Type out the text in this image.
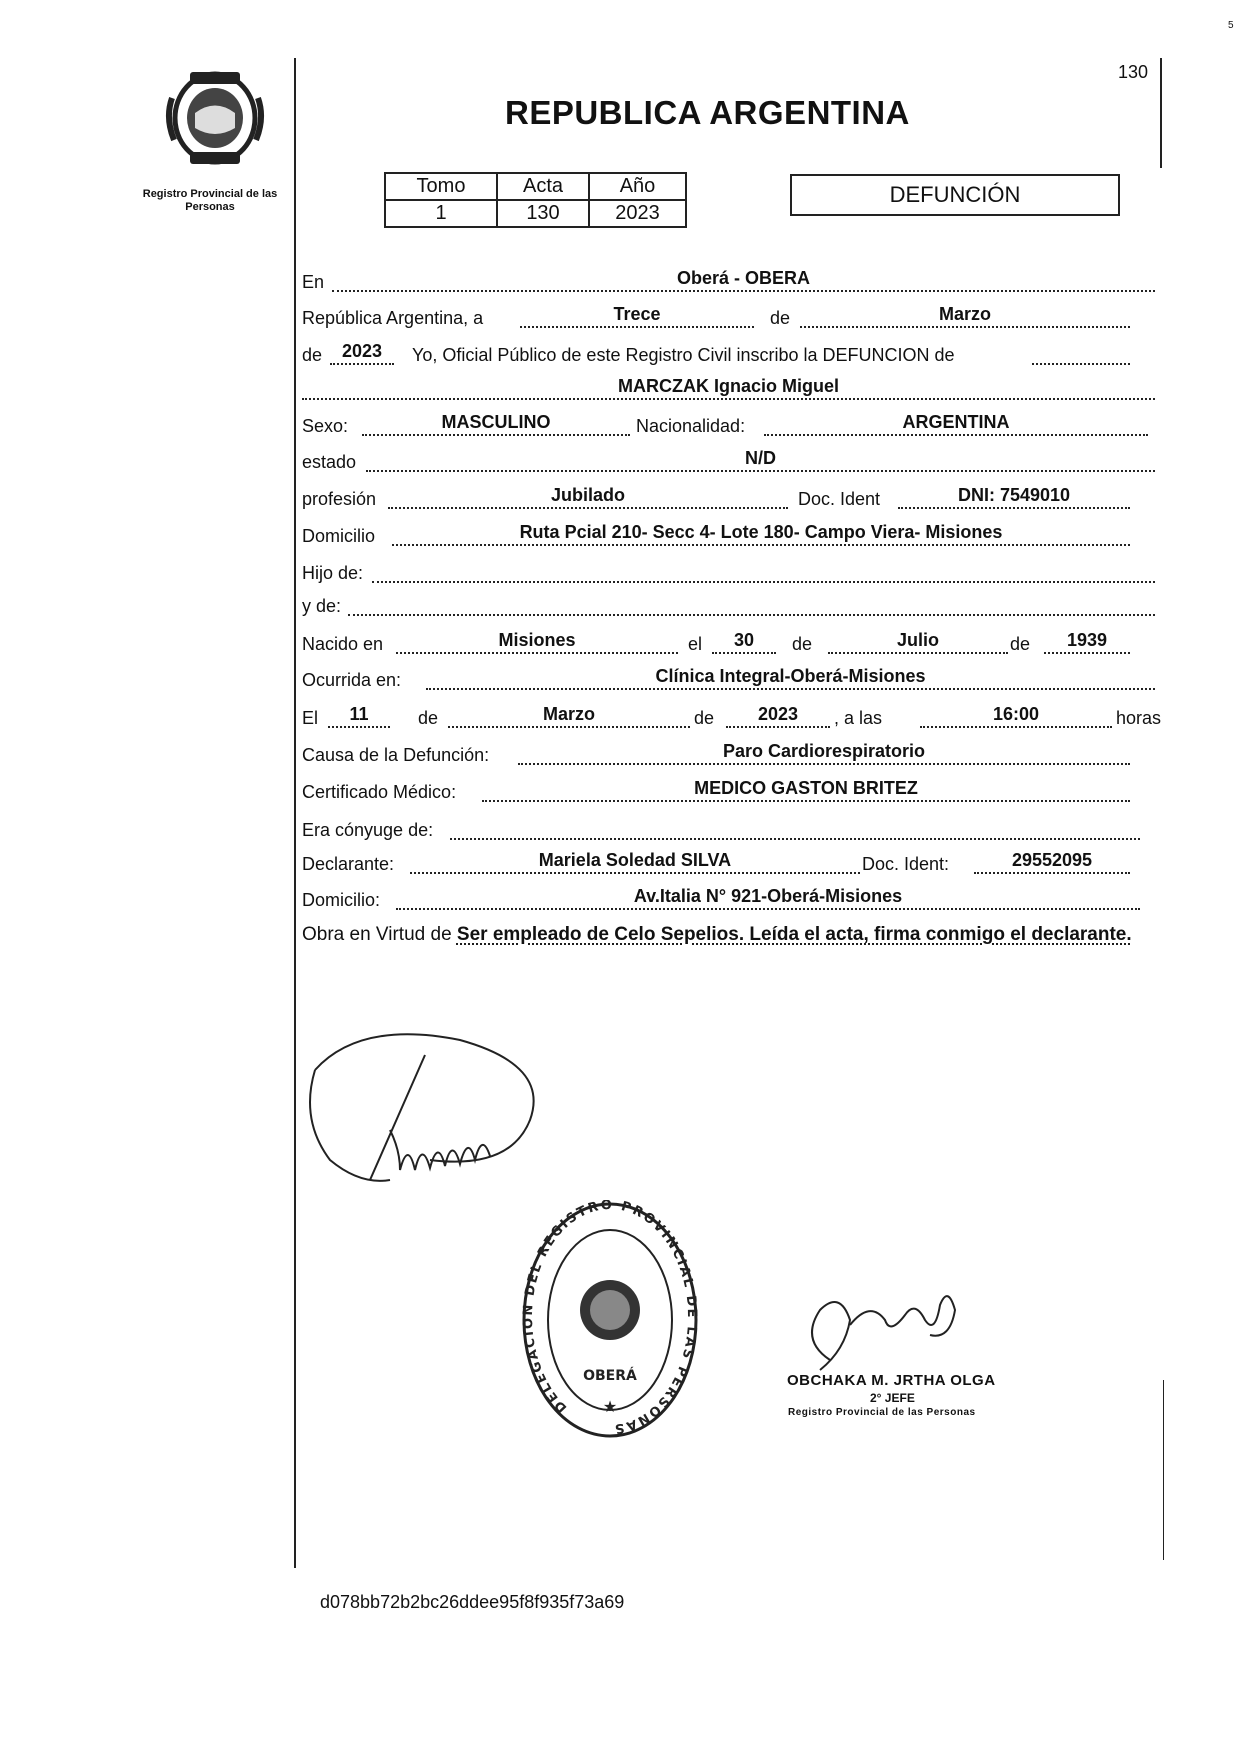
5
Registro Provincial de las Personas
130
REPUBLICA ARGENTINA
Tomo	Acta	Año
1	130	2023
DEFUNCIÓN
En	Oberá - OBERA
República Argentina, a	Trece	de	Marzo
de	2023	Yo, Oficial Público de este Registro Civil inscribo la DEFUNCION de
MARCZAK Ignacio Miguel
Sexo:	MASCULINO	Nacionalidad:	ARGENTINA
estado	N/D
profesión	Jubilado	Doc. Ident	DNI: 7549010
Domicilio	Ruta Pcial 210- Secc 4- Lote 180- Campo Viera- Misiones
Hijo de:
y de:
Nacido en	Misiones	el	30	de	Julio	de	1939
Ocurrida en:	Clínica Integral-Oberá-Misiones
El	11	de	Marzo	de	2023	, a las	16:00	horas
Causa de la Defunción:	Paro Cardiorespiratorio
Certificado Médico:	MEDICO GASTON BRITEZ
Era cónyuge de:
Declarante:	Mariela Soledad SILVA	Doc. Ident:	29552095
Domicilio:	Av.Italia N° 921-Oberá-Misiones
Obra en Virtud de Ser empleado de Celo Sepelios. Leída el acta, firma conmigo el declarante.
DELEGACION DEL REGISTRO PROVINCIAL DE LAS PERSONAS
OBERÁ
★
OBCHAKA M. JRTHA OLGA
2° JEFE
Registro Provincial de las Personas
d078bb72b2bc26ddee95f8f935f73a69
